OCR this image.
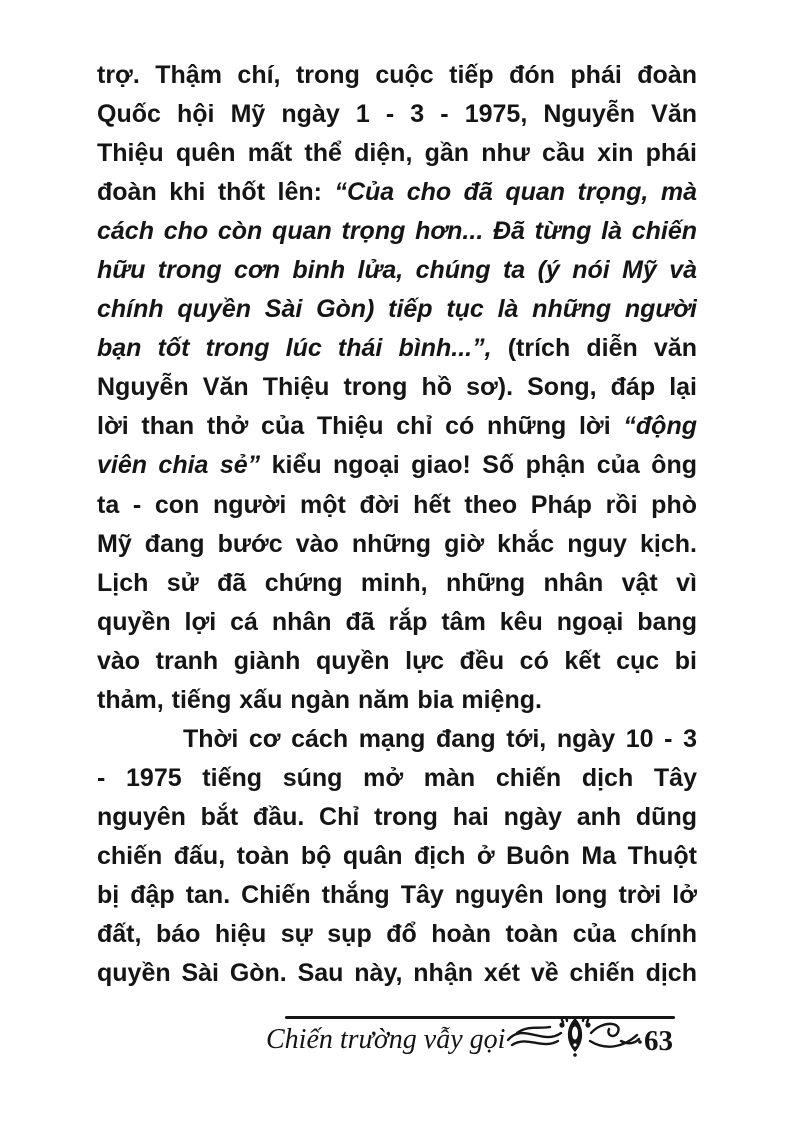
trợ. Thậm chí, trong cuộc tiếp đón phái đoàn
Quốc hội Mỹ ngày 1 - 3 - 1975, Nguyễn Văn
Thiệu quên mất thể diện, gần như cầu xin phái
đoàn khi thốt lên: “Của cho đã quan trọng, mà
cách cho còn quan trọng hơn... Đã từng là chiến
hữu trong cơn binh lửa, chúng ta (ý nói Mỹ và
chính quyền Sài Gòn) tiếp tục là những người
bạn tốt trong lúc thái bình...”, (trích diễn văn
Nguyễn Văn Thiệu trong hồ sơ). Song, đáp lại
lời than thở của Thiệu chỉ có những lời “động
viên chia sẻ” kiểu ngoại giao! Số phận của ông
ta - con người một đời hết theo Pháp rồi phò
Mỹ đang bước vào những giờ khắc nguy kịch.
Lịch sử đã chứng minh, những nhân vật vì
quyền lợi cá nhân đã rắp tâm kêu ngoại bang
vào tranh giành quyền lực đều có kết cục bi
thảm, tiếng xấu ngàn năm bia miệng.
Thời cơ cách mạng đang tới, ngày 10 - 3
- 1975 tiếng súng mở màn chiến dịch Tây
nguyên bắt đầu. Chỉ trong hai ngày anh dũng
chiến đấu, toàn bộ quân địch ở Buôn Ma Thuột
bị đập tan. Chiến thắng Tây nguyên long trời lở
đất, báo hiệu sự sụp đổ hoàn toàn của chính
quyền Sài Gòn. Sau này, nhận xét về chiến dịch
Chiến trường vẫy gọi	63
